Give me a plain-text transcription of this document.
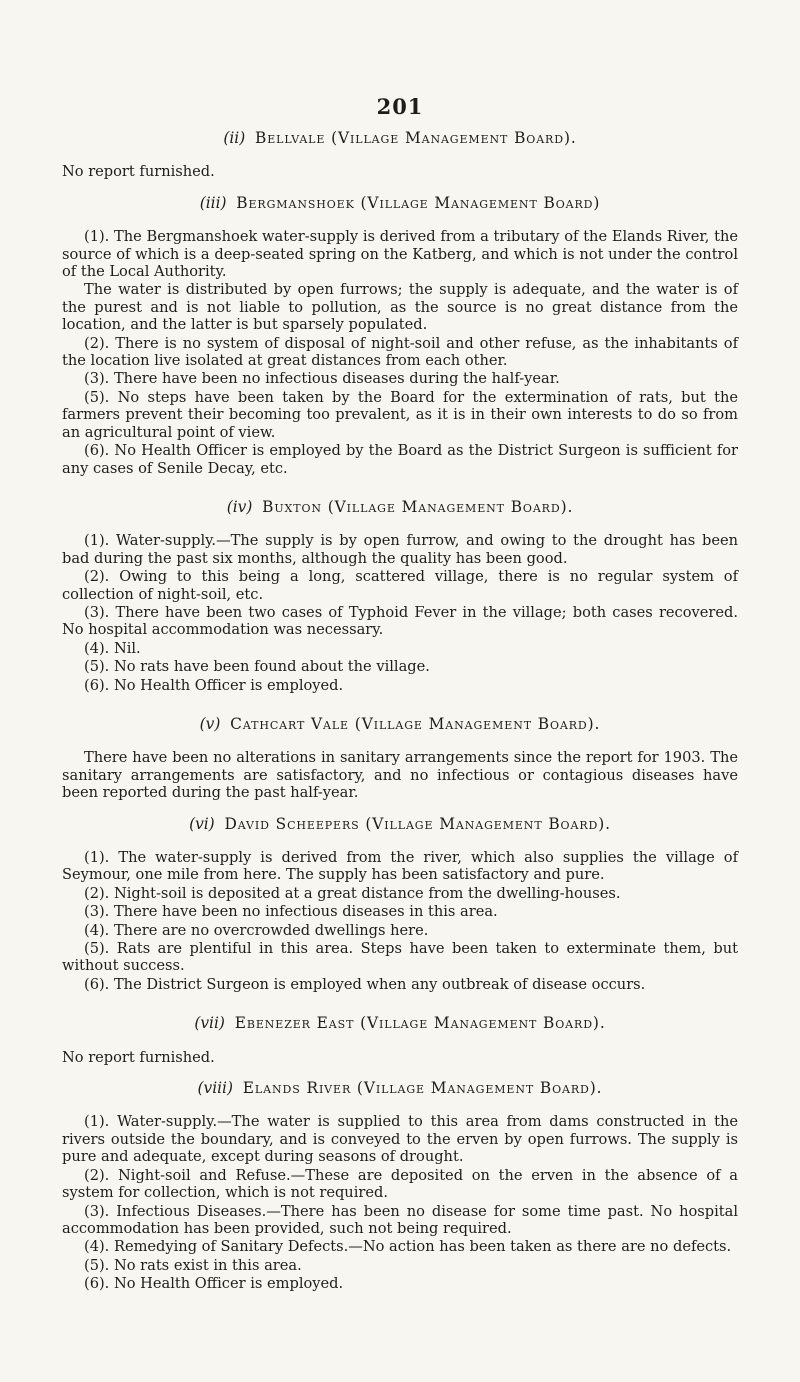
201
(ii) Bellvale (Village Management Board).

No report furnished.

(iii) Bergmanshoek (Village Management Board)

(1). The Bergmanshoek water-supply is derived from a tributary of the Elands River, the source of which is a deep-seated spring on the Katberg, and which is not under the control of the Local Authority.

The water is distributed by open furrows; the supply is adequate, and the water is of the purest and is not liable to pollution, as the source is no great distance from the location, and the latter is but sparsely populated.

(2). There is no system of disposal of night-soil and other refuse, as the inhabitants of the location live isolated at great distances from each other.

(3). There have been no infectious diseases during the half-year.

(5). No steps have been taken by the Board for the extermination of rats, but the farmers prevent their becoming too prevalent, as it is in their own interests to do so from an agricultural point of view.

(6). No Health Officer is employed by the Board as the District Surgeon is sufficient for any cases of Senile Decay, etc.

(iv) Buxton (Village Management Board).

(1). Water-supply.—The supply is by open furrow, and owing to the drought has been bad during the past six months, although the quality has been good.

(2). Owing to this being a long, scattered village, there is no regular system of collection of night-soil, etc.

(3). There have been two cases of Typhoid Fever in the village; both cases recovered. No hospital accommodation was necessary.

(4). Nil.

(5). No rats have been found about the village.

(6). No Health Officer is employed.

(v) Cathcart Vale (Village Management Board).

There have been no alterations in sanitary arrangements since the report for 1903. The sanitary arrangements are satisfactory, and no infectious or contagious diseases have been reported during the past half-year.

(vi) David Scheepers (Village Management Board).

(1). The water-supply is derived from the river, which also supplies the village of Seymour, one mile from here. The supply has been satisfactory and pure.

(2). Night-soil is deposited at a great distance from the dwelling-houses.

(3). There have been no infectious diseases in this area.

(4). There are no overcrowded dwellings here.

(5). Rats are plentiful in this area. Steps have been taken to exterminate them, but without success.

(6). The District Surgeon is employed when any outbreak of disease occurs.

(vii) Ebenezer East (Village Management Board).

No report furnished.

(viii) Elands River (Village Management Board).

(1). Water-supply.—The water is supplied to this area from dams constructed in the rivers outside the boundary, and is conveyed to the erven by open furrows. The supply is pure and adequate, except during seasons of drought.

(2). Night-soil and Refuse.—These are deposited on the erven in the absence of a system for collection, which is not required.

(3). Infectious Diseases.—There has been no disease for some time past. No hospital accommodation has been provided, such not being required.

(4). Remedying of Sanitary Defects.—No action has been taken as there are no defects.

(5). No rats exist in this area.

(6). No Health Officer is employed.
